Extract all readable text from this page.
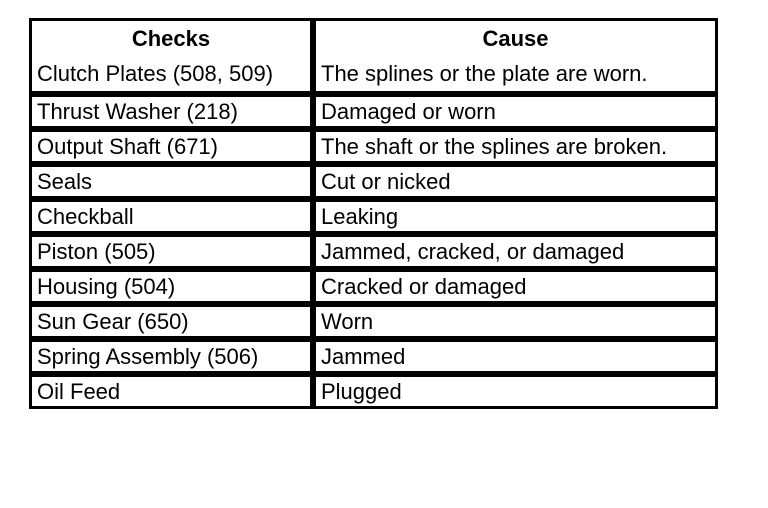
Checks	Cause
Clutch Plates (508, 509)	The splines or the plate are worn.
Thrust Washer (218)	Damaged or worn
Output Shaft (671)	The shaft or the splines are broken.
Seals	Cut or nicked
Checkball	Leaking
Piston (505)	Jammed, cracked, or damaged
Housing (504)	Cracked or damaged
Sun Gear (650)	Worn
Spring Assembly (506)	Jammed
Oil Feed	Plugged
